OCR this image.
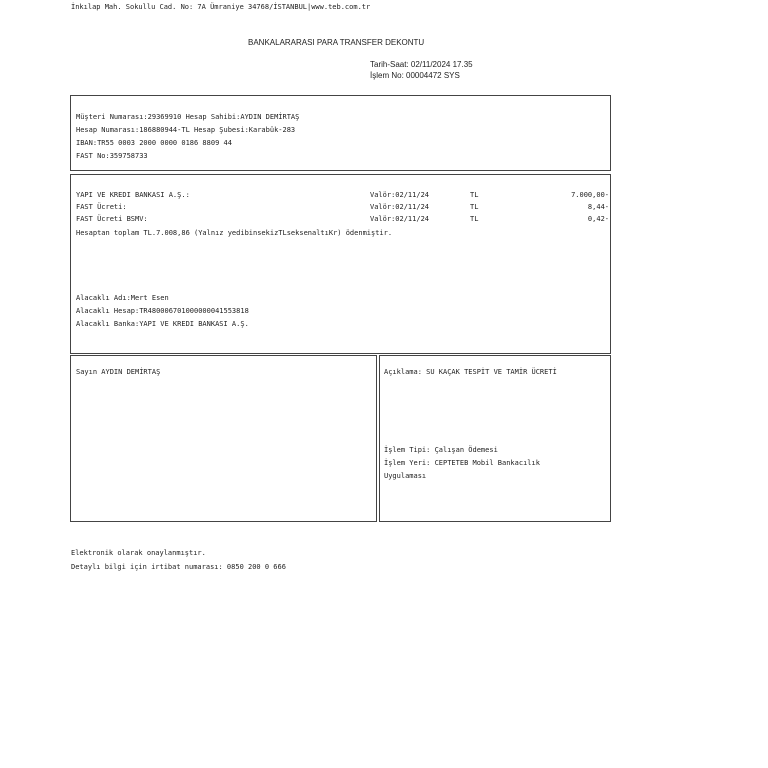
İnkılap Mah. Sokullu Cad. No: 7A Ümraniye 34768/İSTANBUL|www.teb.com.tr
BANKALARARASI PARA TRANSFER DEKONTU
Tarih-Saat: 02/11/2024 17.35
İşlem No: 00004472 SYS
Müşteri Numarası:29369910 Hesap Sahibi:AYDIN DEMİRTAŞ
Hesap Numarası:186880944-TL Hesap Şubesi:Karabük-283
IBAN:TR55 0003 2000 0000 0186 8809 44
FAST No:359758733
YAPI VE KREDI BANKASI A.Ş.:	Valör:02/11/24	TL	7.000,00-
FAST Ücreti:	Valör:02/11/24	TL	8,44-
FAST Ücreti BSMV:	Valör:02/11/24	TL	0,42-
Hesaptan toplam TL.7.008,86 (Yalnız yedibinsekizTLseksenaltıKr) ödenmiştir.
Alacaklı Adı:Mert Esen
Alacaklı Hesap:TR480006701000000041553818
Alacaklı Banka:YAPI VE KREDI BANKASI A.Ş.
Sayın AYDIN DEMİRTAŞ	Açıklama: SU KAÇAK TESPİT VE TAMİR ÜCRETİ
İşlem Tipi: Çalışan Ödemesi
İşlem Yeri: CEPTETEB Mobil Bankacılık
Uygulaması
Elektronik olarak onaylanmıştır.
Detaylı bilgi için irtibat numarası: 0850 200 0 666
